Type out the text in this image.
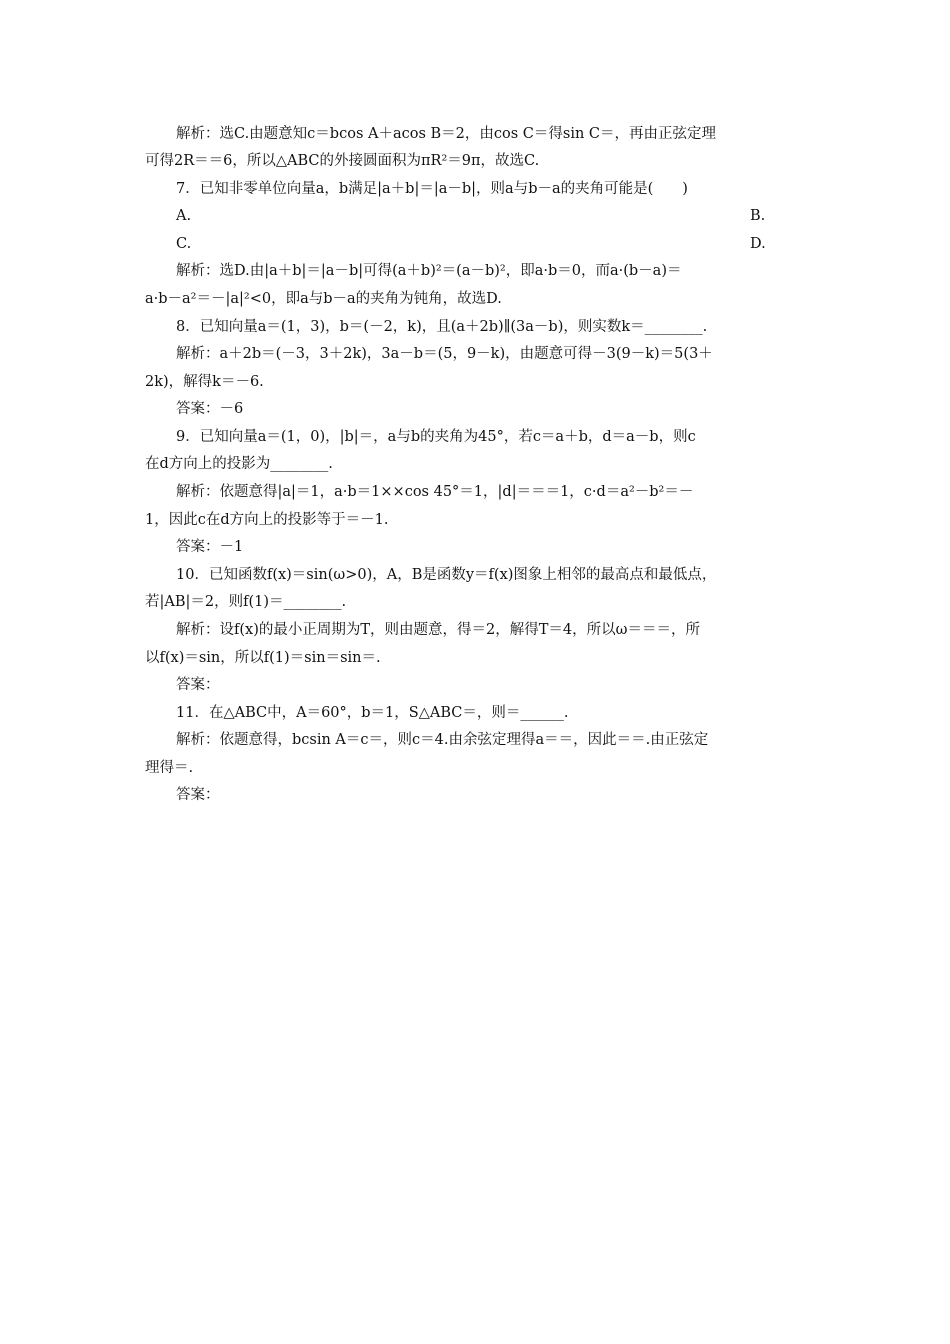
解析：选C.由题意知c＝bcos A＋acos B＝2，由cos C＝得sin C＝，再由正弦定理
可得2R＝＝6，所以△ABC的外接圆面积为πR²＝9π，故选C.
7．已知非零单位向量a，b满足|a＋b|＝|a－b|，则a与b－a的夹角可能是(　　)
A.	B.
C.	D.
解析：选D.由|a＋b|＝|a－b|可得(a＋b)²＝(a－b)²，即a·b＝0，而a·(b－a)＝
a·b－a²＝－|a|²<0，即a与b－a的夹角为钝角，故选D.
8．已知向量a＝(1，3)，b＝(－2，k)，且(a＋2b)∥(3a－b)，则实数k＝________.
解析：a＋2b＝(－3，3＋2k)，3a－b＝(5，9－k)，由题意可得－3(9－k)＝5(3＋
2k)，解得k＝－6.
答案：－6
9．已知向量a＝(1，0)，|b|＝，a与b的夹角为45°，若c＝a＋b，d＝a－b，则c
在d方向上的投影为________.
解析：依题意得|a|＝1，a·b＝1××cos 45°＝1，|d|＝＝＝1，c·d＝a²－b²＝－
1，因此c在d方向上的投影等于＝－1.
答案：－1
10．已知函数f(x)＝sin(ω>0)，A，B是函数y＝f(x)图象上相邻的最高点和最低点，
若|AB|＝2，则f(1)＝________.
解析：设f(x)的最小正周期为T，则由题意，得＝2，解得T＝4，所以ω＝＝＝，所
以f(x)＝sin，所以f(1)＝sin＝sin＝.
答案：
11．在△ABC中，A＝60°，b＝1，S△ABC＝，则＝______.
解析：依题意得，bcsin A＝c＝，则c＝4.由余弦定理得a＝＝，因此＝＝.由正弦定
理得＝.
答案：
